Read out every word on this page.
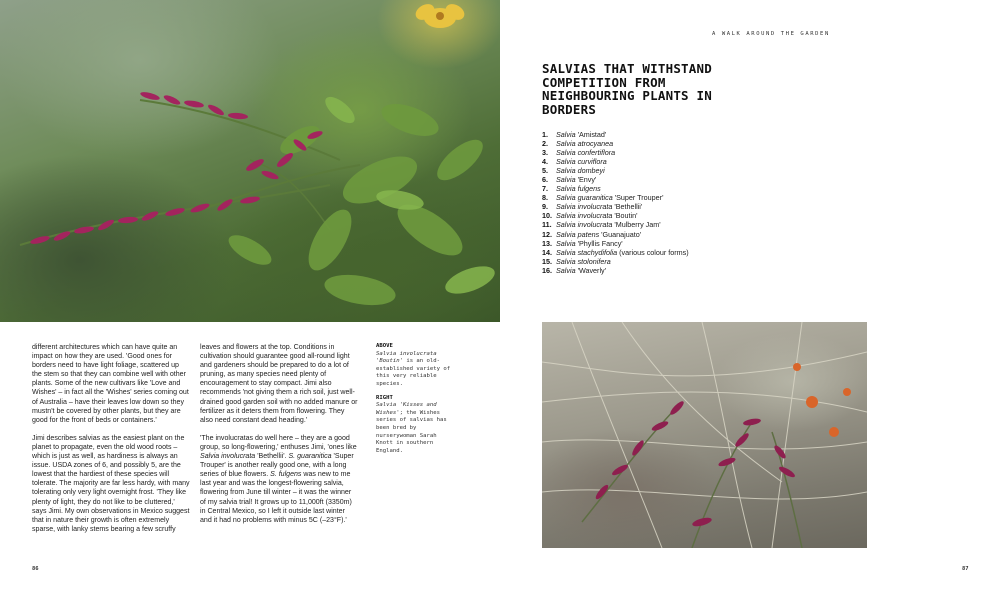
A WALK AROUND THE GARDEN
SALVIAS THAT WITHSTAND COMPETITION FROM NEIGHBOURING PLANTS IN BORDERS
1. Salvia 'Amistad'
2. Salvia atrocyanea
3. Salvia confertiflora
4. Salvia curviflora
5. Salvia dombeyi
6. Salvia 'Envy'
7. Salvia fulgens
8. Salvia guaranitica 'Super Trouper'
9. Salvia involucrata 'Bethellii'
10. Salvia involucrata 'Boutin'
11. Salvia involucrata 'Mulberry Jam'
12. Salvia patens 'Guanajuato'
13. Salvia 'Phyllis Fancy'
14. Salvia stachydifolia (various colour forms)
15. Salvia stolonifera
16. Salvia 'Waverly'

different architectures which can have quite an impact on how they are used. 'Good ones for borders need to have light foliage, scattered up the stem so that they can combine well with other plants. Some of the new cultivars like 'Love and Wishes' – in fact all the 'Wishes' series coming out of Australia – have their leaves low down so they mustn't be covered by other plants, but they are good for the front of beds or containers.'

Jimi describes salvias as the easiest plant on the planet to propagate, even the old wood roots – which is just as well, as hardiness is always an issue. USDA zones of 6, and possibly 5, are the lowest that the hardiest of these species will tolerate. The majority are far less hardy, with many tolerating only very light overnight frost. 'They like plenty of light, they do not like to be cluttered,' says Jimi. My own observations in Mexico suggest that in nature their growth is often extremely sparse, with lanky stems bearing a few scruffy

leaves and flowers at the top. Conditions in cultivation should guarantee good all-round light and gardeners should be prepared to do a lot of pruning, as many species need plenty of encouragement to stay compact. Jimi also recommends 'not giving them a rich soil, just well-drained good garden soil with no added manure or fertilizer as it deters them from flowering. They also need constant dead heading.'

'The involucratas do well here – they are a good group, so long-flowering,' enthuses Jimi, 'ones like Salvia involucrata 'Bethellii'. S. guaranitica 'Super Trouper' is another really good one, with a long series of blue flowers. S. fulgens was new to me last year and was the longest-flowering salvia, flowering from June till winter – it was the winner of my salvia trial! It grows up to 11,000ft (3350m) in Central Mexico, so I left it outside last winter and it had no problems with minus 5C (–23°F).'

ABOVE
Salvia involucrata 'Boutin' is an old-established variety of this very reliable species.
RIGHT
Salvia 'Kisses and Wishes'; the Wishes series of salvias has been bred by nurserywoman Sarah Knott in southern England.
86	87
